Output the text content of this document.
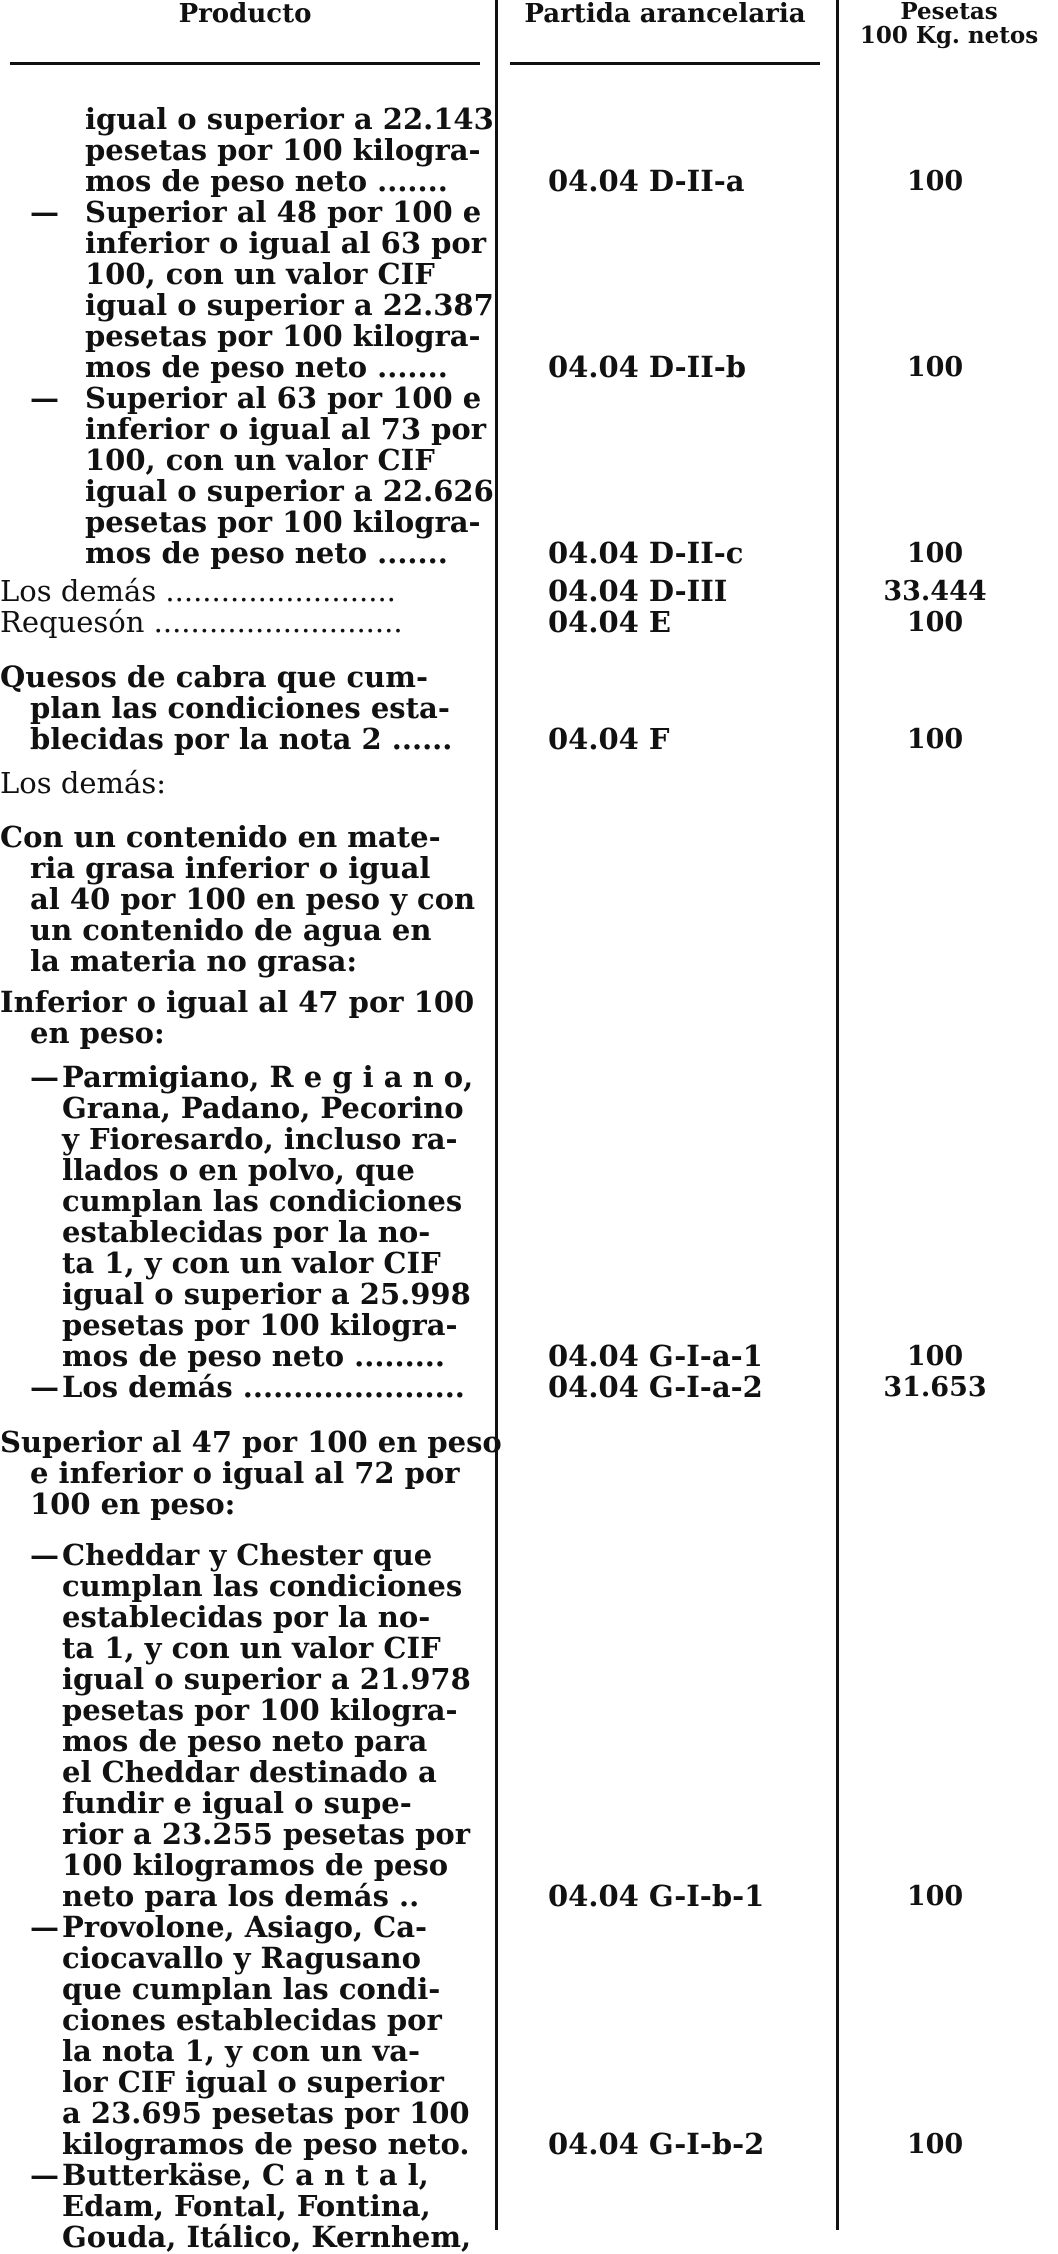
Producto	Partida arancelaria	Pesetas
100 Kg. netos
igual o superior a 22.143
pesetas por 100 kilogra-
mos de peso neto .......	04.04 D-II-a	100
— Superior al 48 por 100 e
inferior o igual al 63 por
100, con un valor CIF
igual o superior a 22.387
pesetas por 100 kilogra-
mos de peso neto .......	04.04 D-II-b	100
— Superior al 63 por 100 e
inferior o igual al 73 por
100, con un valor CIF
igual o superior a 22.626
pesetas por 100 kilogra-
mos de peso neto .......	04.04 D-II-c	100
Los demás .........................	04.04 D-III	33.444
Requesón ...........................	04.04 E	100
Quesos de cabra que cum-
plan las condiciones esta-
blecidas por la nota 2 ......	04.04 F	100
Los demás:
Con un contenido en mate-
ria grasa inferior o igual
al 40 por 100 en peso y con
un contenido de agua en
la materia no grasa:
Inferior o igual al 47 por 100
en peso:
— Parmigiano, R e g i a n o,
Grana, Padano, Pecorino
y Fioresardo, incluso ra-
llados o en polvo, que
cumplan las condiciones
establecidas por la no-
ta 1, y con un valor CIF
igual o superior a 25.998
pesetas por 100 kilogra-
mos de peso neto .........	04.04 G-I-a-1	100
— Los demás ......................	04.04 G-I-a-2	31.653
Superior al 47 por 100 en peso
e inferior o igual al 72 por
100 en peso:
— Cheddar y Chester que
cumplan las condiciones
establecidas por la no-
ta 1, y con un valor CIF
igual o superior a 21.978
pesetas por 100 kilogra-
mos de peso neto para
el Cheddar destinado a
fundir e igual o supe-
rior a 23.255 pesetas por
100 kilogramos de peso
neto para los demás ..	04.04 G-I-b-1	100
— Provolone, Asiago, Ca-
ciocavallo y Ragusano
que cumplan las condi-
ciones establecidas por
la nota 1, y con un va-
lor CIF igual o superior
a 23.695 pesetas por 100
kilogramos de peso neto.	04.04 G-I-b-2	100
— Butterkäse, C a n t a l,
Edam, Fontal, Fontina,
Gouda, Itálico, Kernhem,
